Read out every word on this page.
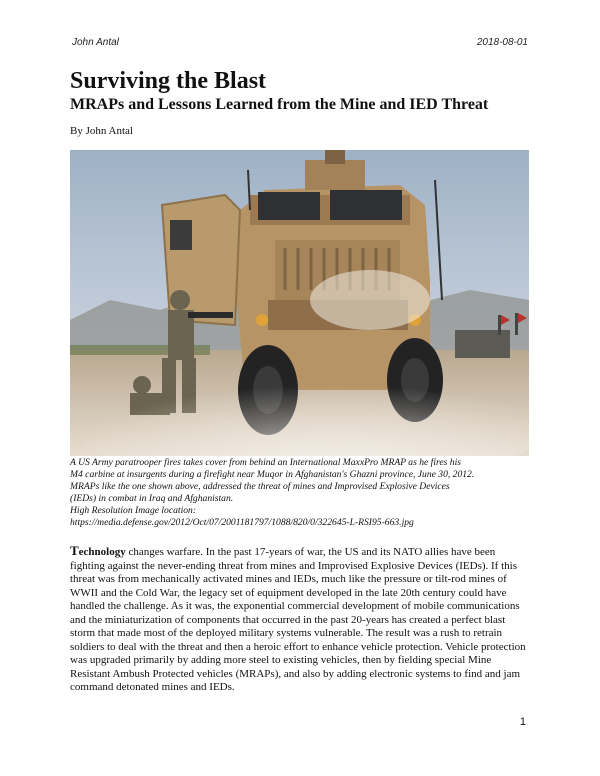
John Antal	2018-08-01
Surviving the Blast
MRAPs and Lessons Learned from the Mine and IED Threat
By John Antal
A US Army paratrooper fires takes cover from behind an International MaxxPro MRAP as he fires his
M4 carbine at insurgents during a firefight near Muqor in Afghanistan's Ghazni province, June 30, 2012.
MRAPs like the one shown above, addressed the threat of mines and Improvised Explosive Devices
(IEDs) in combat in Iraq and Afghanistan.
High Resolution Image location:
https://media.defense.gov/2012/Oct/07/2001181797/1088/820/0/322645-L-RSI95-663.jpg
Technology changes warfare. In the past 17-years of war, the US and its NATO allies have been fighting against the never-ending threat from mines and Improvised Explosive Devices (IEDs). If this threat was from mechanically activated mines and IEDs, much like the pressure or tilt-rod mines of WWII and the Cold War, the legacy set of equipment developed in the late 20th century could have handled the challenge. As it was, the exponential commercial development of mobile communications and the miniaturization of components that occurred in the past 20-years has created a perfect blast storm that made most of the deployed military systems vulnerable. The result was a rush to retrain soldiers to deal with the threat and then a heroic effort to enhance vehicle protection. Vehicle protection was upgraded primarily by adding more steel to existing vehicles, then by fielding special Mine Resistant Ambush Protected vehicles (MRAPs), and also by adding electronic systems to find and jam command detonated mines and IEDs.
1
